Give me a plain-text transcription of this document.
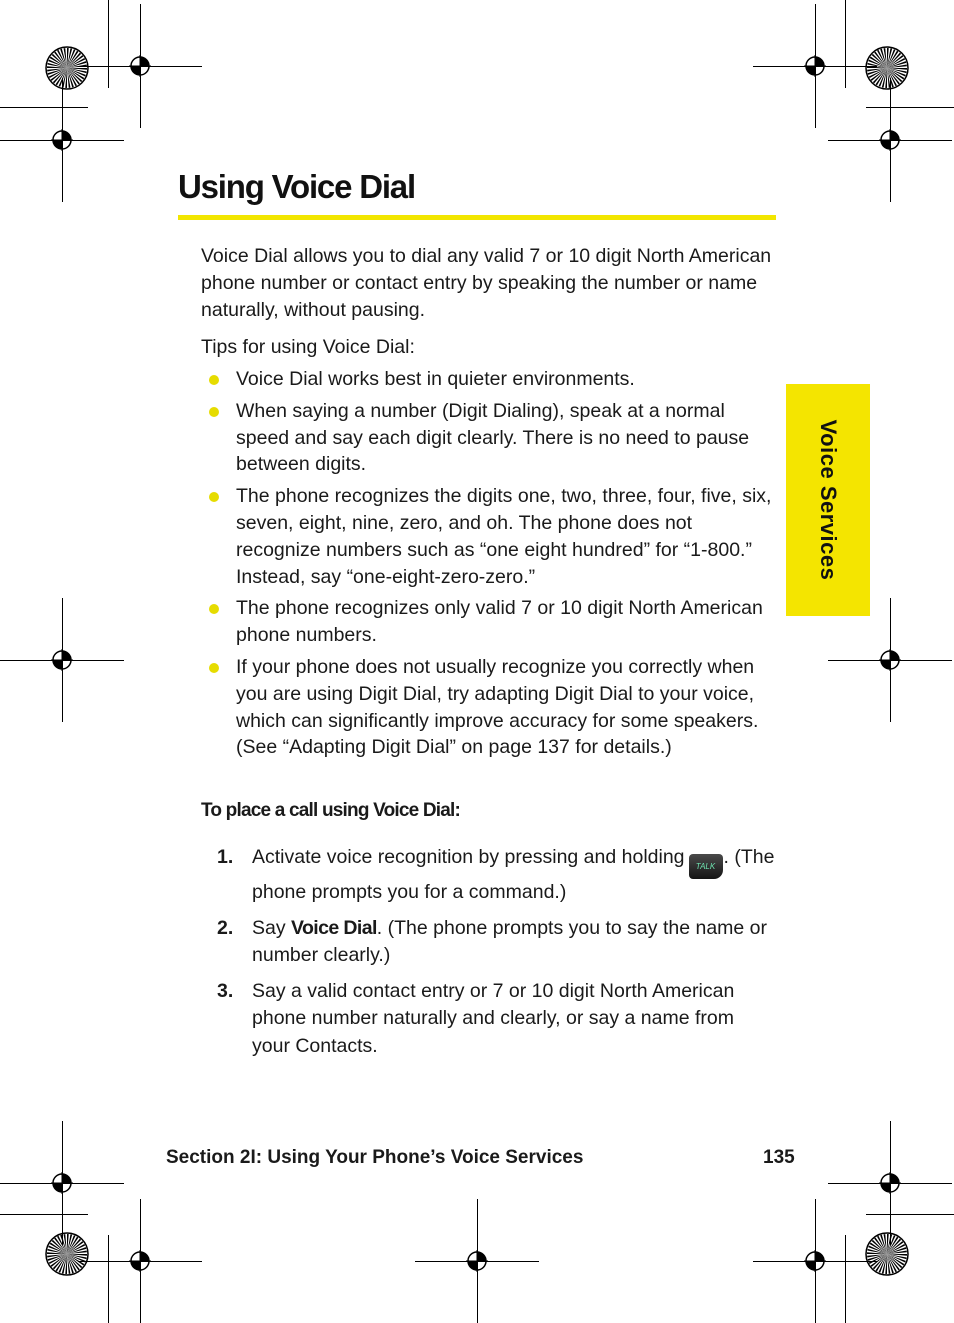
Using Voice Dial
Voice Services
Voice Dial allows you to dial any valid 7 or 10 digit North American phone number or contact entry by speaking the number or name naturally, without pausing.
Tips for using Voice Dial:
Voice Dial works best in quieter environments.
When saying a number (Digit Dialing), speak at a normal speed and say each digit clearly. There is no need to pause between digits.
The phone recognizes the digits one, two, three, four, five, six, seven, eight, nine, zero, and oh. The phone does not recognize numbers such as “one eight hundred” for “1-800.” Instead, say “one-eight-zero-zero.”
The phone recognizes only valid 7 or 10 digit North American phone numbers.
If your phone does not usually recognize you correctly when you are using Digit Dial, try adapting Digit Dial to your voice, which can significantly improve accuracy for some speakers. (See “Adapting Digit Dial” on page 137 for details.)
To place a call using Voice Dial:
1. Activate voice recognition by pressing and holding TALK . (The phone prompts you for a command.)
2. Say Voice Dial. (The phone prompts you to say the name or number clearly.)
3. Say a valid contact entry or 7 or 10 digit North American phone number naturally and clearly, or say a name from your Contacts.
Section 2I: Using Your Phone’s Voice Services	135
